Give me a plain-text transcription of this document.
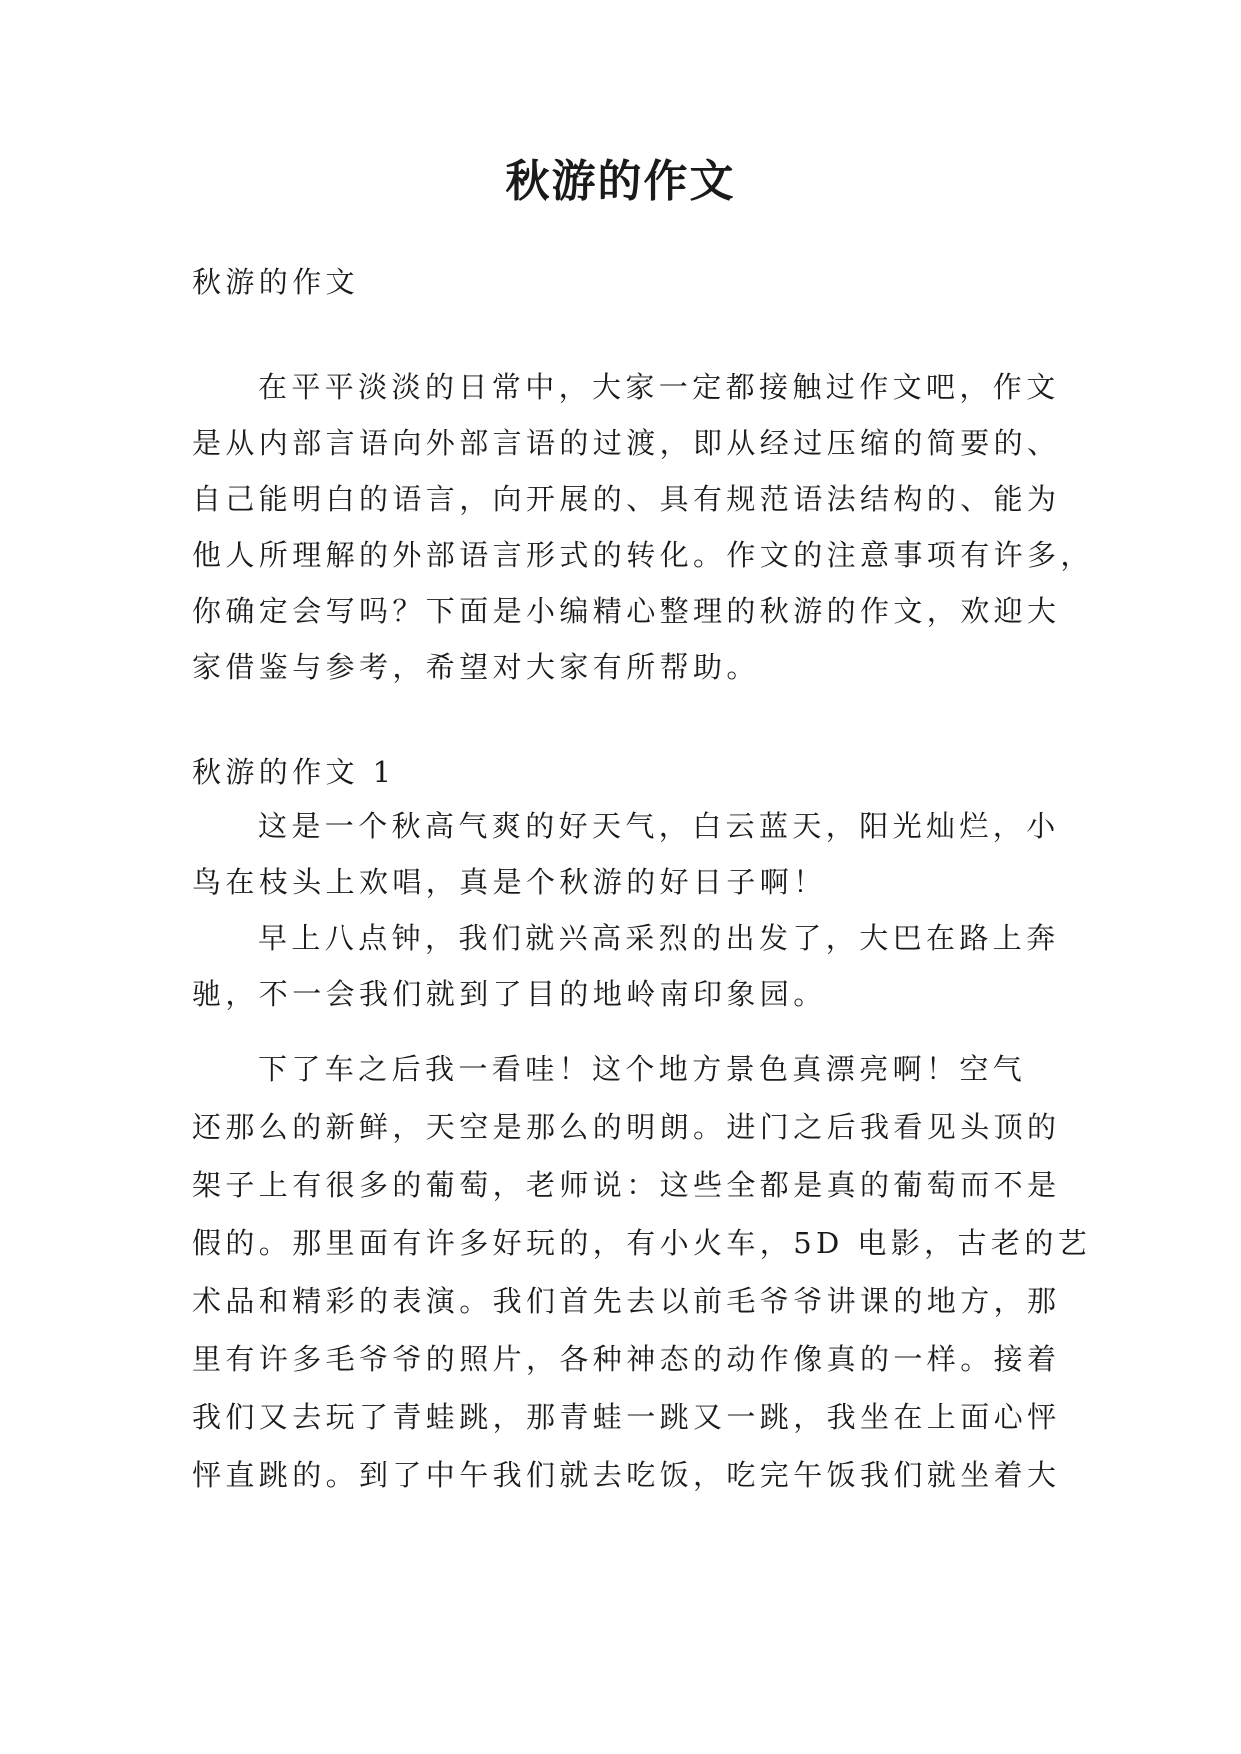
秋游的作文

秋游的作文

在平平淡淡的日常中，大家一定都接触过作文吧，作文

是从内部言语向外部言语的过渡，即从经过压缩的简要的、

自己能明白的语言，向开展的、具有规范语法结构的、能为

他人所理解的外部语言形式的转化。作文的注意事项有许多，

你确定会写吗？下面是小编精心整理的秋游的作文，欢迎大

家借鉴与参考，希望对大家有所帮助。

秋游的作文 1

这是一个秋高气爽的好天气，白云蓝天，阳光灿烂，小

鸟在枝头上欢唱，真是个秋游的好日子啊！

早上八点钟，我们就兴高采烈的出发了，大巴在路上奔

驰，不一会我们就到了目的地岭南印象园。

下了车之后我一看哇！这个地方景色真漂亮啊！空气

还那么的新鲜，天空是那么的明朗。进门之后我看见头顶的

架子上有很多的葡萄，老师说：这些全都是真的葡萄而不是

假的。那里面有许多好玩的，有小火车，5D 电影，古老的艺

术品和精彩的表演。我们首先去以前毛爷爷讲课的地方，那

里有许多毛爷爷的照片，各种神态的动作像真的一样。接着

我们又去玩了青蛙跳，那青蛙一跳又一跳，我坐在上面心怦

怦直跳的。到了中午我们就去吃饭，吃完午饭我们就坐着大
